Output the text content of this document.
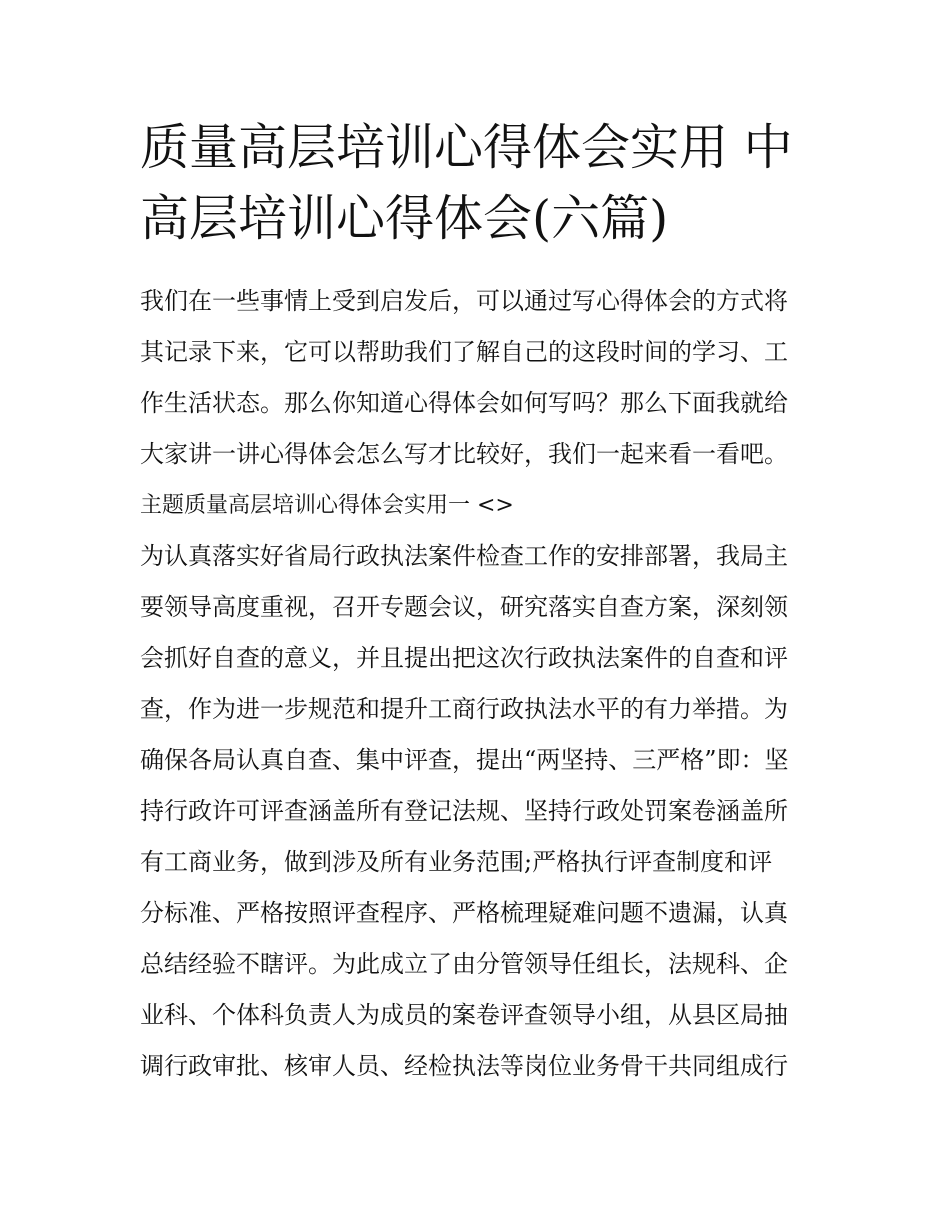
质量高层培训心得体会实用 中
高层培训心得体会(六篇)

我们在一些事情上受到启发后，可以通过写心得体会的方式将
其记录下来，它可以帮助我们了解自己的这段时间的学习、工
作生活状态。那么你知道心得体会如何写吗？那么下面我就给
大家讲一讲心得体会怎么写才比较好，我们一起来看一看吧。

主题质量高层培训心得体会实用一 <>

为认真落实好省局行政执法案件检查工作的安排部署，我局主
要领导高度重视，召开专题会议，研究落实自查方案，深刻领
会抓好自查的意义，并且提出把这次行政执法案件的自查和评
查，作为进一步规范和提升工商行政执法水平的有力举措。为
确保各局认真自查、集中评查，提出“两坚持、三严格”即：坚
持行政许可评查涵盖所有登记法规、坚持行政处罚案卷涵盖所
有工商业务，做到涉及所有业务范围;严格执行评查制度和评
分标准、严格按照评查程序、严格梳理疑难问题不遗漏，认真
总结经验不瞎评。为此成立了由分管领导任组长，法规科、企
业科、个体科负责人为成员的案卷评查领导小组，从县区局抽
调行政审批、核审人员、经检执法等岗位业务骨干共同组成行
